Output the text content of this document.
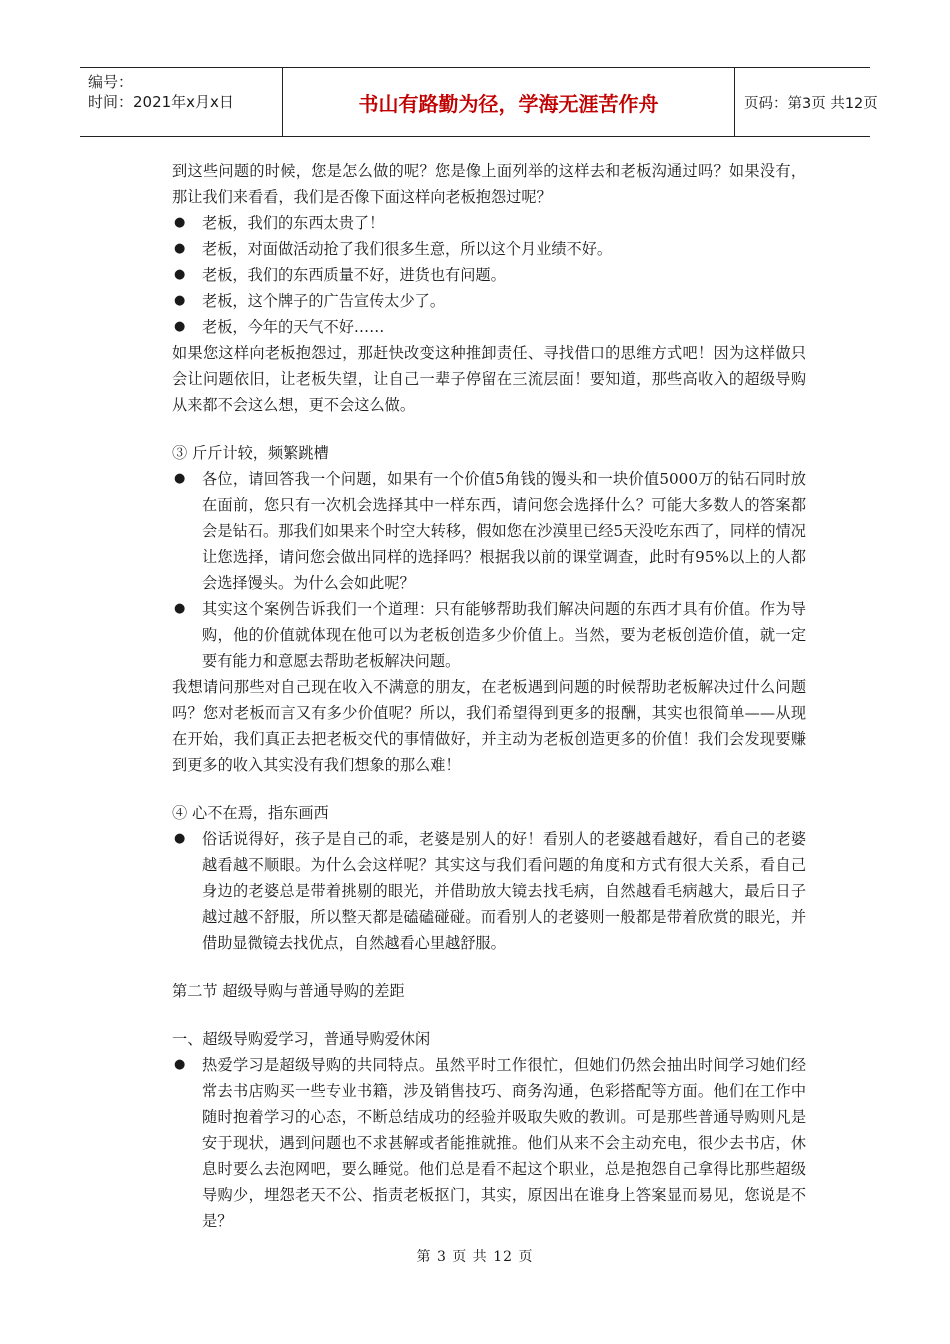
编号：
时间：2021年x月x日	书山有路勤为径，学海无涯苦作舟	页码：第3页 共12页

到这些问题的时候，您是怎么做的呢？您是像上面列举的这样去和老板沟通过吗？如果没有，那让我们来看看，我们是否像下面这样向老板抱怨过呢？

● 老板，我们的东西太贵了！
● 老板，对面做活动抢了我们很多生意，所以这个月业绩不好。
● 老板，我们的东西质量不好，进货也有问题。
● 老板，这个牌子的广告宣传太少了。
● 老板，今年的天气不好……

如果您这样向老板抱怨过，那赶快改变这种推卸责任、寻找借口的思维方式吧！因为这样做只会让问题依旧，让老板失望，让自己一辈子停留在三流层面！要知道，那些高收入的超级导购从来都不会这么想，更不会这么做。

③ 斤斤计较，频繁跳槽

● 各位，请回答我一个问题，如果有一个价值5角钱的馒头和一块价值5000万的钻石同时放在面前，您只有一次机会选择其中一样东西，请问您会选择什么？可能大多数人的答案都会是钻石。那我们如果来个时空大转移，假如您在沙漠里已经5天没吃东西了，同样的情况让您选择，请问您会做出同样的选择吗？根据我以前的课堂调查，此时有95%以上的人都会选择馒头。为什么会如此呢？
● 其实这个案例告诉我们一个道理：只有能够帮助我们解决问题的东西才具有价值。作为导购，他的价值就体现在他可以为老板创造多少价值上。当然，要为老板创造价值，就一定要有能力和意愿去帮助老板解决问题。

我想请问那些对自己现在收入不满意的朋友，在老板遇到问题的时候帮助老板解决过什么问题吗？您对老板而言又有多少价值呢？所以，我们希望得到更多的报酬，其实也很简单——从现在开始，我们真正去把老板交代的事情做好，并主动为老板创造更多的价值！我们会发现要赚到更多的收入其实没有我们想象的那么难！

④ 心不在焉，指东画西

● 俗话说得好，孩子是自己的乖，老婆是别人的好！看别人的老婆越看越好，看自己的老婆越看越不顺眼。为什么会这样呢？其实这与我们看问题的角度和方式有很大关系，看自己身边的老婆总是带着挑剔的眼光，并借助放大镜去找毛病，自然越看毛病越大，最后日子越过越不舒服，所以整天都是磕磕碰碰。而看别人的老婆则一般都是带着欣赏的眼光，并借助显微镜去找优点，自然越看心里越舒服。

第二节 超级导购与普通导购的差距

一、超级导购爱学习，普通导购爱休闲

● 热爱学习是超级导购的共同特点。虽然平时工作很忙，但她们仍然会抽出时间学习她们经常去书店购买一些专业书籍，涉及销售技巧、商务沟通，色彩搭配等方面。他们在工作中随时抱着学习的心态，不断总结成功的经验并吸取失败的教训。可是那些普通导购则凡是安于现状，遇到问题也不求甚解或者能推就推。他们从来不会主动充电，很少去书店，休息时要么去泡网吧，要么睡觉。他们总是看不起这个职业，总是抱怨自己拿得比那些超级导购少，埋怨老天不公、指责老板抠门，其实，原因出在谁身上答案显而易见，您说是不是？
第 3 页 共 12 页
